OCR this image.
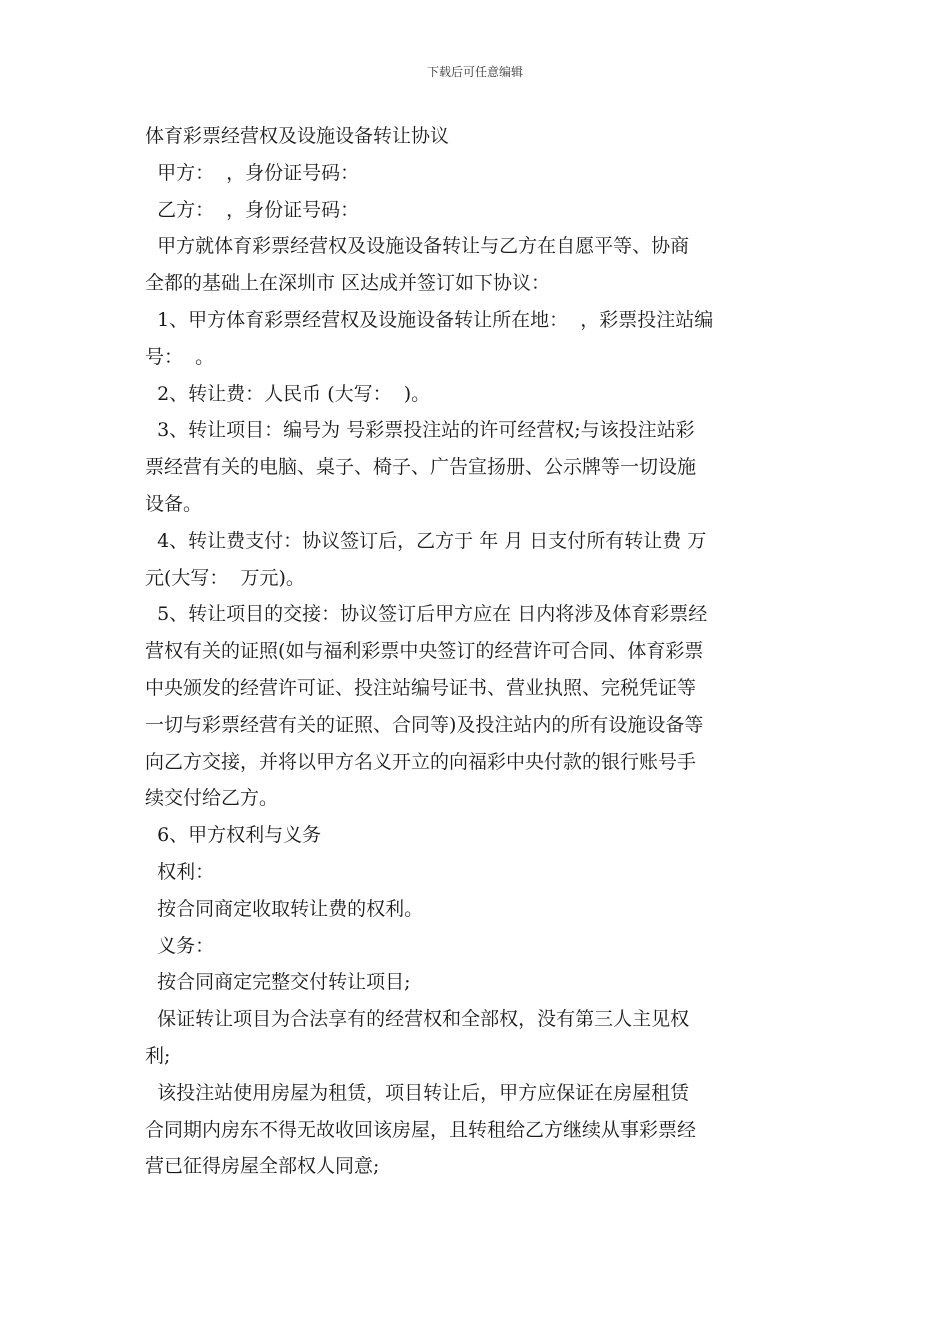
下载后可任意编辑

体育彩票经营权及设施设备转让协议

甲方：  ，身份证号码：

乙方：  ，身份证号码：

甲方就体育彩票经营权及设施设备转让与乙方在自愿平等、协商

全都的基础上在深圳市 区达成并签订如下协议：

1、甲方体育彩票经营权及设施设备转让所在地：  ，彩票投注站编

号：  。

2、转让费：人民币 (大写：  )。

3、转让项目：编号为 号彩票投注站的许可经营权;与该投注站彩

票经营有关的电脑、桌子、椅子、广告宣扬册、公示牌等一切设施

设备。

4、转让费支付：协议签订后，乙方于 年 月 日支付所有转让费 万

元(大写：  万元)。

5、转让项目的交接：协议签订后甲方应在 日内将涉及体育彩票经

营权有关的证照(如与福利彩票中央签订的经营许可合同、体育彩票

中央颁发的经营许可证、投注站编号证书、营业执照、完税凭证等

一切与彩票经营有关的证照、合同等)及投注站内的所有设施设备等

向乙方交接，并将以甲方名义开立的向福彩中央付款的银行账号手

续交付给乙方。

6、甲方权利与义务

权利：

按合同商定收取转让费的权利。

义务：

按合同商定完整交付转让项目;

保证转让项目为合法享有的经营权和全部权，没有第三人主见权

利;

该投注站使用房屋为租赁，项目转让后，甲方应保证在房屋租赁

合同期内房东不得无故收回该房屋，且转租给乙方继续从事彩票经

营已征得房屋全部权人同意;
